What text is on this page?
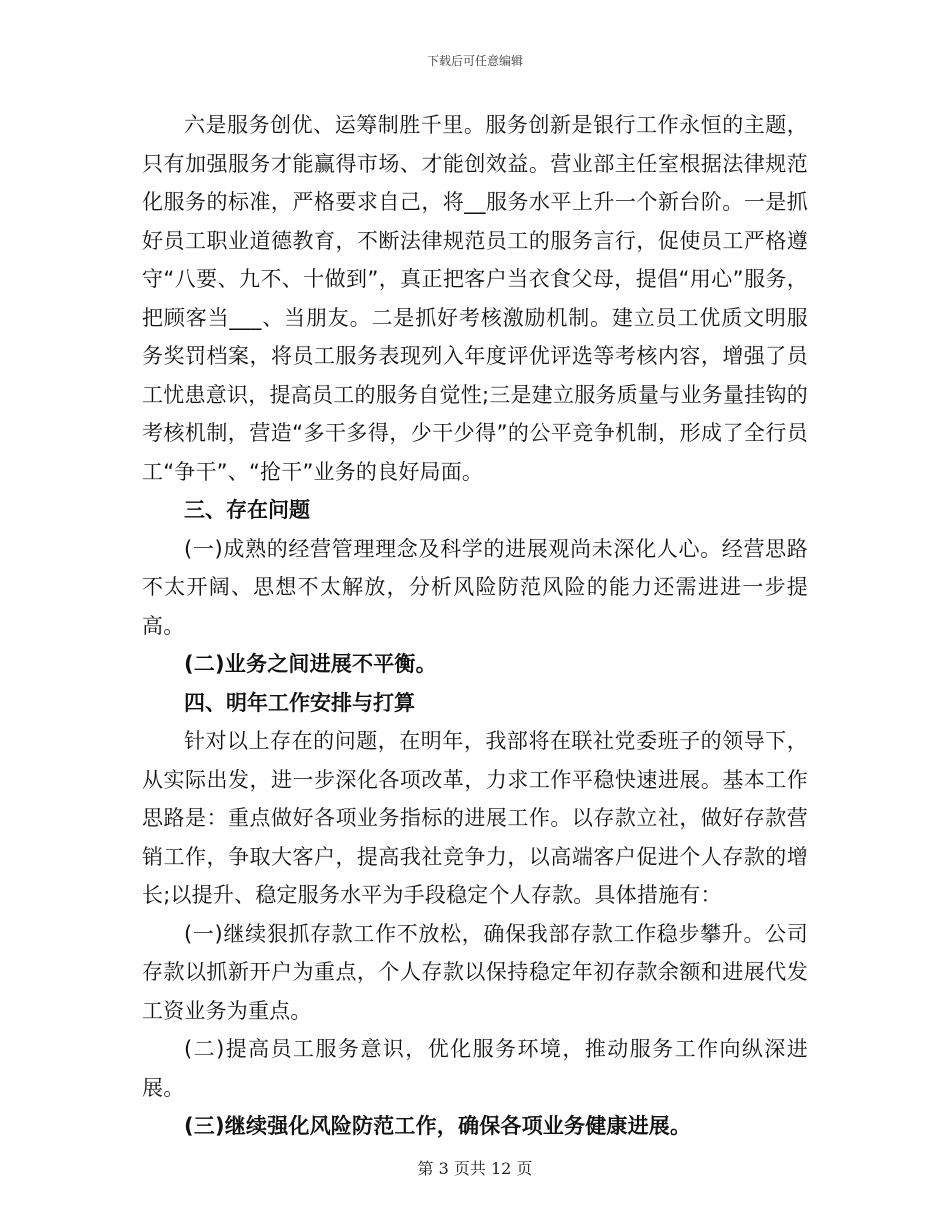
下载后可任意编辑

六是服务创优、运筹制胜千里。服务创新是银行工作永恒的主题，只有加强服务才能赢得市场、才能创效益。营业部主任室根据法律规范化服务的标准，严格要求自己，将__服务水平上升一个新台阶。一是抓好员工职业道德教育，不断法律规范员工的服务言行，促使员工严格遵守“八要、九不、十做到”，真正把客户当衣食父母，提倡“用心”服务，把顾客当___、当朋友。二是抓好考核激励机制。建立员工优质文明服务奖罚档案，将员工服务表现列入年度评优评选等考核内容，增强了员工忧患意识，提高员工的服务自觉性;三是建立服务质量与业务量挂钩的考核机制，营造“多干多得，少干少得”的公平竞争机制，形成了全行员工“争干”、“抢干”业务的良好局面。

三、存在问题

(一)成熟的经营管理理念及科学的进展观尚未深化人心。经营思路不太开阔、思想不太解放，分析风险防范风险的能力还需进进一步提高。

(二)业务之间进展不平衡。

四、明年工作安排与打算

针对以上存在的问题，在明年，我部将在联社党委班子的领导下，从实际出发，进一步深化各项改革，力求工作平稳快速进展。基本工作思路是：重点做好各项业务指标的进展工作。以存款立社，做好存款营销工作，争取大客户，提高我社竞争力，以高端客户促进个人存款的增长;以提升、稳定服务水平为手段稳定个人存款。具体措施有：

(一)继续狠抓存款工作不放松，确保我部存款工作稳步攀升。公司存款以抓新开户为重点，个人存款以保持稳定年初存款余额和进展代发工资业务为重点。

(二)提高员工服务意识，优化服务环境，推动服务工作向纵深进展。

(三)继续强化风险防范工作，确保各项业务健康进展。

第 3 页共 12 页
